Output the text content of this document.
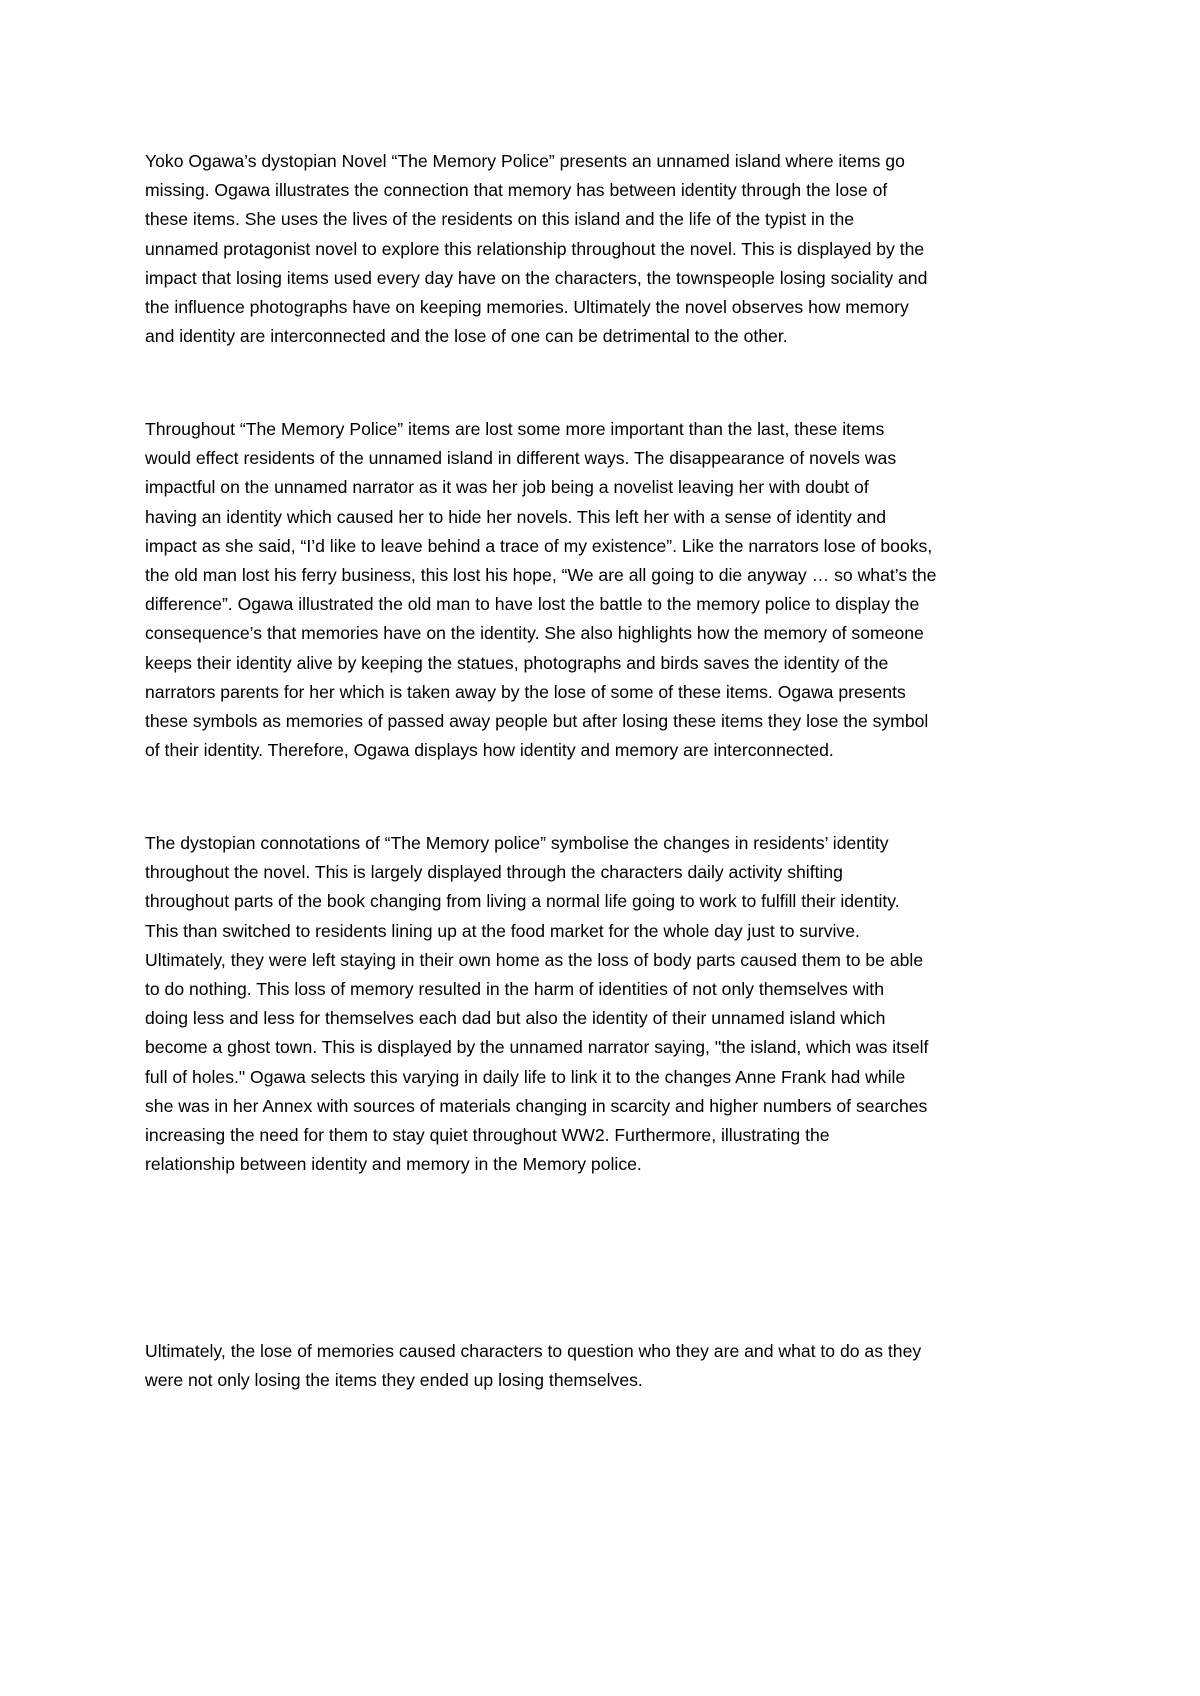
Yoko Ogawa’s dystopian Novel “The Memory Police” presents an unnamed island where items go
missing. Ogawa illustrates the connection that memory has between identity through the lose of
these items. She uses the lives of the residents on this island and the life of the typist in the
unnamed protagonist novel to explore this relationship throughout the novel. This is displayed by the
impact that losing items used every day have on the characters, the townspeople losing sociality and
the influence photographs have on keeping memories. Ultimately the novel observes how memory
and identity are interconnected and the lose of one can be detrimental to the other.

Throughout “The Memory Police” items are lost some more important than the last, these items
would effect residents of the unnamed island in different ways. The disappearance of novels was
impactful on the unnamed narrator as it was her job being a novelist leaving her with doubt of
having an identity which caused her to hide her novels. This left her with a sense of identity and
impact as she said, “I’d like to leave behind a trace of my existence”. Like the narrators lose of books,
the old man lost his ferry business, this lost his hope, “We are all going to die anyway … so what’s the
difference”. Ogawa illustrated the old man to have lost the battle to the memory police to display the
consequence’s that memories have on the identity. She also highlights how the memory of someone
keeps their identity alive by keeping the statues, photographs and birds saves the identity of the
narrators parents for her which is taken away by the lose of some of these items. Ogawa presents
these symbols as memories of passed away people but after losing these items they lose the symbol
of their identity. Therefore, Ogawa displays how identity and memory are interconnected.

The dystopian connotations of “The Memory police” symbolise the changes in residents’ identity
throughout the novel. This is largely displayed through the characters daily activity shifting
throughout parts of the book changing from living a normal life going to work to fulfill their identity.
This than switched to residents lining up at the food market for the whole day just to survive.
Ultimately, they were left staying in their own home as the loss of body parts caused them to be able
to do nothing. This loss of memory resulted in the harm of identities of not only themselves with
doing less and less for themselves each dad but also the identity of their unnamed island which
become a ghost town. This is displayed by the unnamed narrator saying, "the island, which was itself
full of holes." Ogawa selects this varying in daily life to link it to the changes Anne Frank had while
she was in her Annex with sources of materials changing in scarcity and higher numbers of searches
increasing the need for them to stay quiet throughout WW2. Furthermore, illustrating the
relationship between identity and memory in the Memory police.

Ultimately, the lose of memories caused characters to question who they are and what to do as they
were not only losing the items they ended up losing themselves.
